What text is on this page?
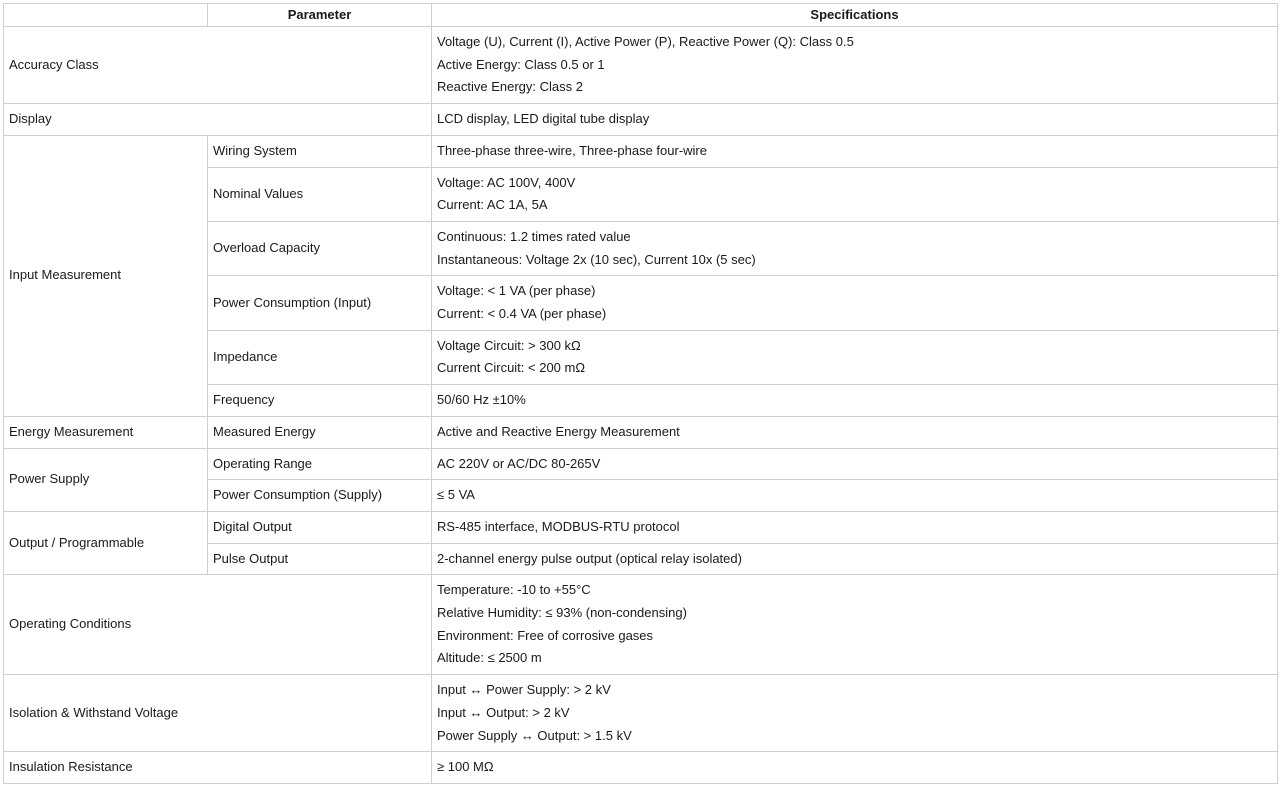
	Parameter	Specifications
Accuracy Class		Voltage (U), Current (I), Active Power (P), Reactive Power (Q): Class 0.5
Active Energy: Class 0.5 or 1
Reactive Energy: Class 2

Display		LCD display, LED digital tube display

Input Measurement	Wiring System	Three-phase three-wire, Three-phase four-wire

	Nominal Values	Voltage: AC 100V, 400V
Current: AC 1A, 5A

	Overload Capacity	Continuous: 1.2 times rated value
Instantaneous: Voltage 2x (10 sec), Current 10x (5 sec)

	Power Consumption (Input)	Voltage: < 1 VA (per phase)
Current: < 0.4 VA (per phase)

	Impedance	Voltage Circuit: > 300 kΩ
Current Circuit: < 200 mΩ

	Frequency	50/60 Hz ±10%

Energy Measurement	Measured Energy	Active and Reactive Energy Measurement

Power Supply	Operating Range	AC 220V or AC/DC 80-265V

	Power Consumption (Supply)	≤ 5 VA

Output / Programmable	Digital Output	RS-485 interface, MODBUS-RTU protocol

	Pulse Output	2-channel energy pulse output (optical relay isolated)

Operating Conditions		Temperature: -10 to +55°C
Relative Humidity: ≤ 93% (non-condensing)
Environment: Free of corrosive gases
Altitude: ≤ 2500 m

Isolation & Withstand Voltage		Input ↔ Power Supply: > 2 kV
Input ↔ Output: > 2 kV
Power Supply ↔ Output: > 1.5 kV

Insulation Resistance		≥ 100 MΩ
